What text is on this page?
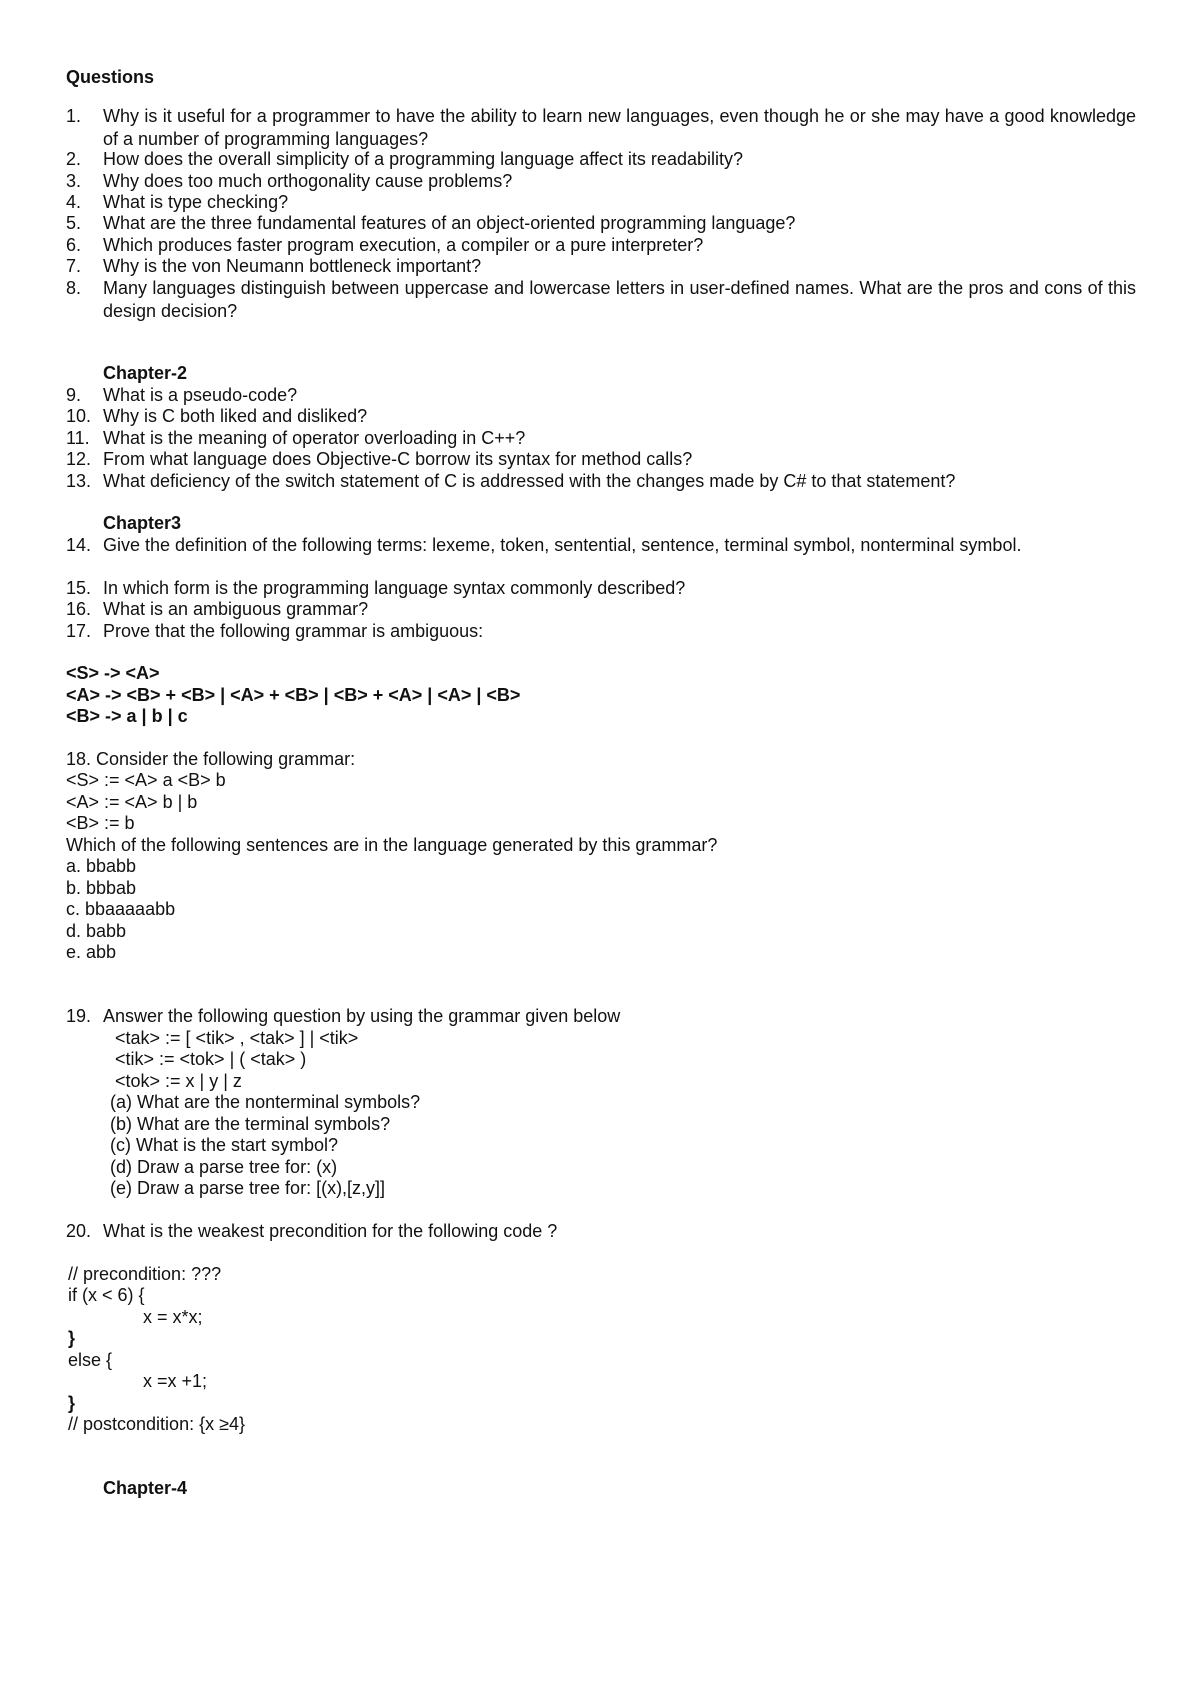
Questions
1. Why is it useful for a programmer to have the ability to learn new languages, even though he or she may have a good knowledge of a number of programming languages?
2. How does the overall simplicity of a programming language affect its readability?
3. Why does too much orthogonality cause problems?
4. What is type checking?
5. What are the three fundamental features of an object-oriented programming language?
6. Which produces faster program execution, a compiler or a pure interpreter?
7. Why is the von Neumann bottleneck important?
8. Many languages distinguish between uppercase and lowercase letters in user-defined names. What are the pros and cons of this design decision?
Chapter-2
9. What is a pseudo-code?
10. Why is C both liked and disliked?
11. What is the meaning of operator overloading in C++?
12. From what language does Objective-C borrow its syntax for method calls?
13. What deficiency of the switch statement of C is addressed with the changes made by C# to that statement?
Chapter3
14. Give the definition of the following terms: lexeme, token, sentential, sentence, terminal symbol, nonterminal symbol.
15. In which form is the programming language syntax commonly described?
16. What is an ambiguous grammar?
17. Prove that the following grammar is ambiguous:
<S> -> <A>
<A> -> <B> + <B> | <A> + <B> | <B> + <A> | <A> | <B>
<B> -> a | b | c
18. Consider the following grammar:
<S> := <A> a <B> b
<A> := <A> b | b
<B> := b
Which of the following sentences are in the language generated by this grammar?
a. bbabb
b. bbbab
c. bbaaaaabb
d. babb
e. abb
19. Answer the following question by using the grammar given below
<tak> := [ <tik> , <tak> ] | <tik>
<tik> := <tok> | ( <tak> )
<tok> := x | y | z
(a) What are the nonterminal symbols?
(b) What are the terminal symbols?
(c) What is the start symbol?
(d) Draw a parse tree for: (x)
(e) Draw a parse tree for: [(x),[z,y]]
20. What is the weakest precondition for the following code ?
// precondition: ???
if (x < 6) {
x = x*x;
}
else {
x =x +1;
}
// postcondition: {x ≥4}
Chapter-4
